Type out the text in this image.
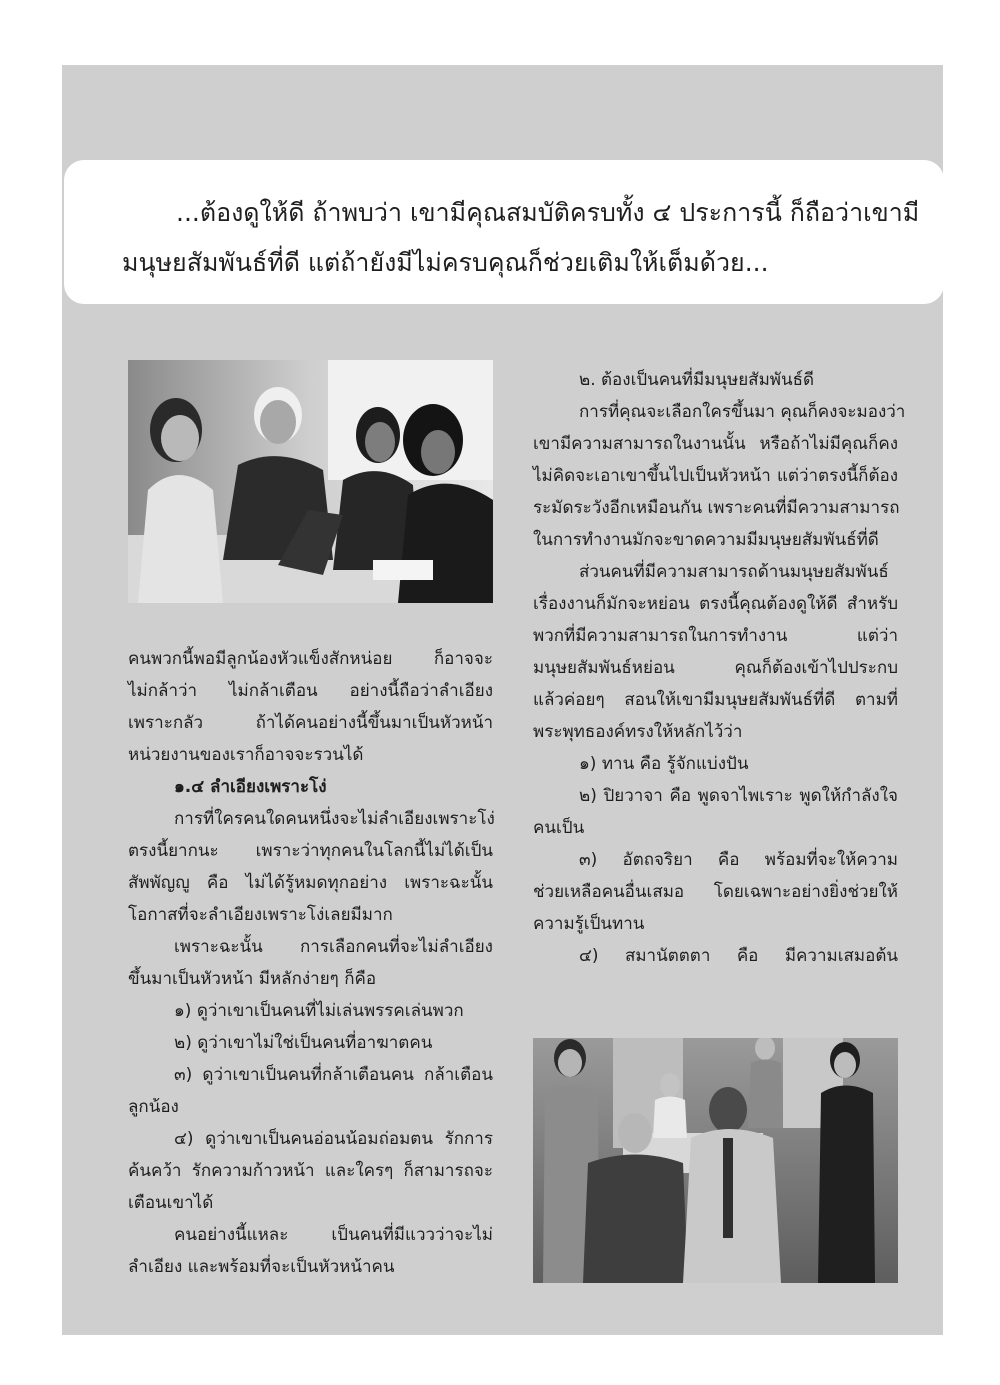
...ต้องดูให้ดี ถ้าพบว่า เขามีคุณสมบัติครบทั้ง ๔ ประการนี้ ก็ถือว่าเขามี
มนุษยสัมพันธ์ที่ดี แต่ถ้ายังมีไม่ครบคุณก็ช่วยเติมให้เต็มด้วย...
คนพวกนี้พอมีลูกน้องหัวแข็งสักหน่อย ก็อาจจะ
ไม่กล้าว่า ไม่กล้าเตือน อย่างนี้ถือว่าลำเอียง
เพราะกลัว ถ้าได้คนอย่างนี้ขึ้นมาเป็นหัวหน้า
หน่วยงานของเราก็อาจจะรวนได้
๑.๔ ลำเอียงเพราะโง่
การที่ใครคนใดคนหนึ่งจะไม่ลำเอียงเพราะโง่
ตรงนี้ยากนะ เพราะว่าทุกคนในโลกนี้ไม่ได้เป็น
สัพพัญญู คือ ไม่ได้รู้หมดทุกอย่าง เพราะฉะนั้น
โอกาสที่จะลำเอียงเพราะโง่เลยมีมาก
เพราะฉะนั้น การเลือกคนที่จะไม่ลำเอียง
ขึ้นมาเป็นหัวหน้า มีหลักง่ายๆ ก็คือ
๑) ดูว่าเขาเป็นคนที่ไม่เล่นพรรคเล่นพวก
๒) ดูว่าเขาไม่ใช่เป็นคนที่อาฆาตคน
๓) ดูว่าเขาเป็นคนที่กล้าเตือนคน กล้าเตือน
ลูกน้อง
๔) ดูว่าเขาเป็นคนอ่อนน้อมถ่อมตน รักการ
ค้นคว้า รักความก้าวหน้า และใครๆ ก็สามารถจะ
เตือนเขาได้
คนอย่างนี้แหละ เป็นคนที่มีแววว่าจะไม่
ลำเอียง และพร้อมที่จะเป็นหัวหน้าคน
๒. ต้องเป็นคนที่มีมนุษยสัมพันธ์ดี
การที่คุณจะเลือกใครขึ้นมา คุณก็คงจะมองว่า
เขามีความสามารถในงานนั้น หรือถ้าไม่มีคุณก็คง
ไม่คิดจะเอาเขาขึ้นไปเป็นหัวหน้า แต่ว่าตรงนี้ก็ต้อง
ระมัดระวังอีกเหมือนกัน เพราะคนที่มีความสามารถ
ในการทำงานมักจะขาดความมีมนุษยสัมพันธ์ที่ดี
ส่วนคนที่มีความสามารถด้านมนุษยสัมพันธ์
เรื่องงานก็มักจะหย่อน ตรงนี้คุณต้องดูให้ดี สำหรับ
พวกที่มีความสามารถในการทำงาน แต่ว่า
มนุษยสัมพันธ์หย่อน คุณก็ต้องเข้าไปประกบ
แล้วค่อยๆ สอนให้เขามีมนุษยสัมพันธ์ที่ดี ตามที่
พระพุทธองค์ทรงให้หลักไว้ว่า
๑) ทาน คือ รู้จักแบ่งปัน
๒) ปิยวาจา คือ พูดจาไพเราะ พูดให้กำลังใจ
คนเป็น
๓) อัตถจริยา คือ พร้อมที่จะให้ความ
ช่วยเหลือคนอื่นเสมอ โดยเฉพาะอย่างยิ่งช่วยให้
ความรู้เป็นทาน
๔) สมานัตตตา คือ มีความเสมอต้น
